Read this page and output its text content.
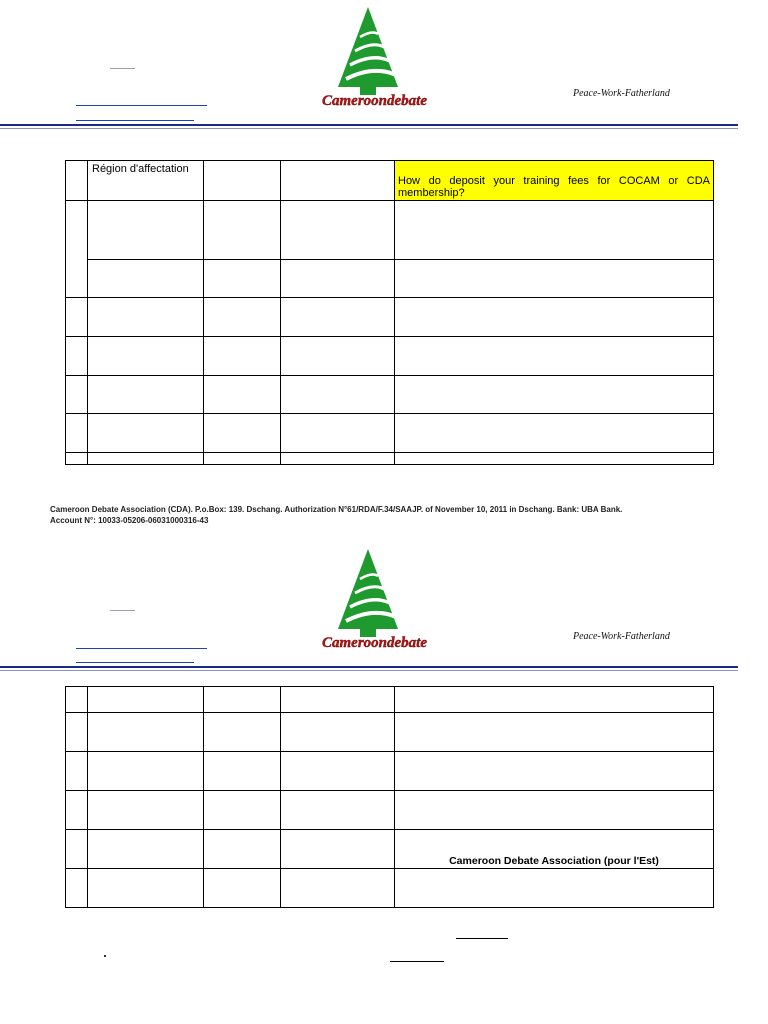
Cameroondebate	Peace-Work-Fatherland
	Région d'affectation			How do deposit your training fees for COCAM or CDA membership?

Cameroon Debate Association (CDA). P.o.Box: 139. Dschang. Authorization N°61/RDA/F.34/SAAJP. of November 10, 2011 in Dschang. Bank: UBA Bank.
Account N°: 10033-05206-06031000316-43
Cameroondebate	Peace-Work-Fatherland

				Cameroon Debate Association (pour l'Est)
